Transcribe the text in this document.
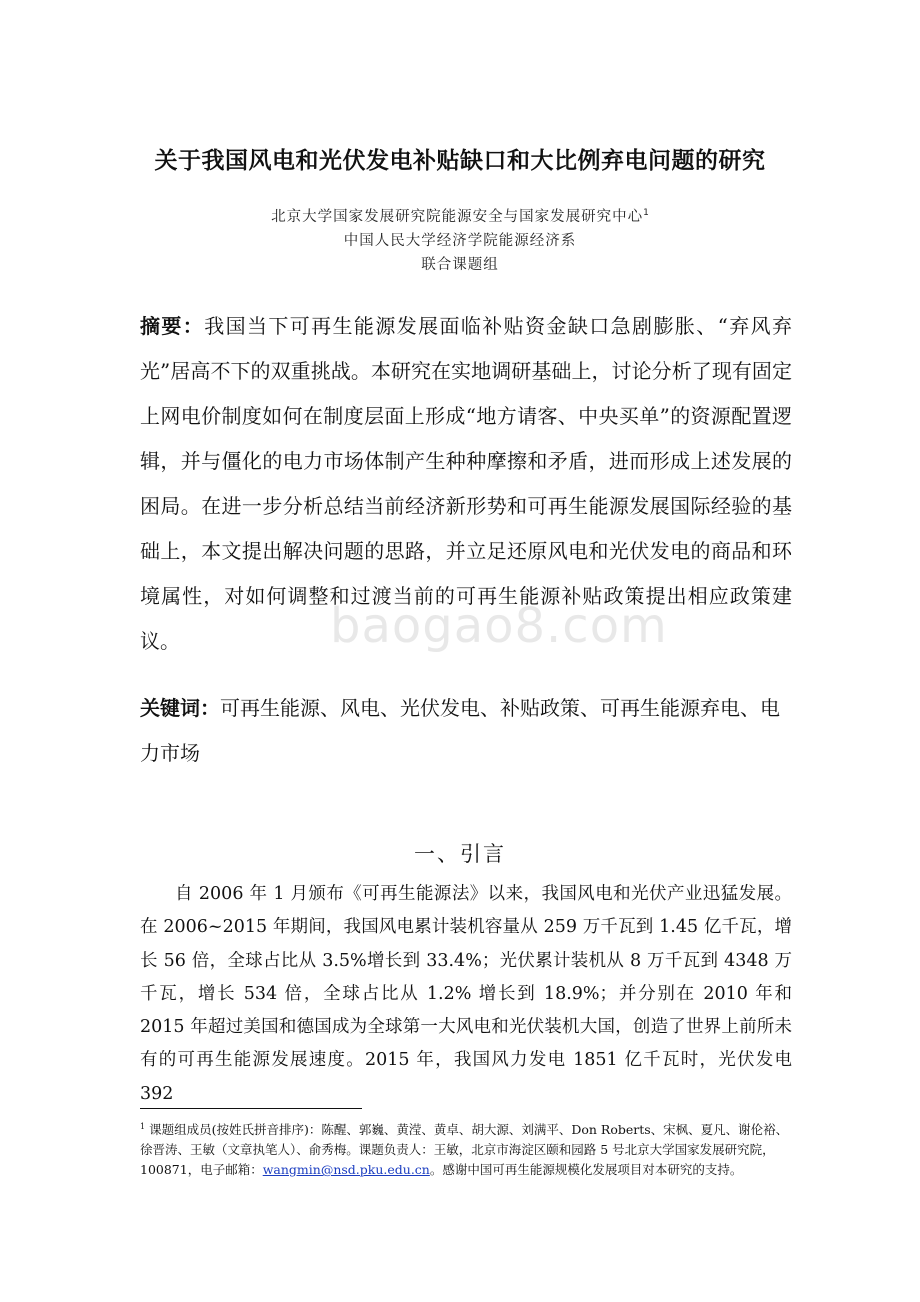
关于我国风电和光伏发电补贴缺口和大比例弃电问题的研究
北京大学国家发展研究院能源安全与国家发展研究中心$^1$
中国人民大学经济学院能源经济系
联合课题组

摘要：我国当下可再生能源发展面临补贴资金缺口急剧膨胀、“弃风弃光”居高不下的双重挑战。本研究在实地调研基础上，讨论分析了现有固定上网电价制度如何在制度层面上形成“地方请客、中央买单”的资源配置逻辑，并与僵化的电力市场体制产生种种摩擦和矛盾，进而形成上述发展的困局。在进一步分析总结当前经济新形势和可再生能源发展国际经验的基础上，本文提出解决问题的思路，并立足还原风电和光伏发电的商品和环境属性，对如何调整和过渡当前的可再生能源补贴政策提出相应政策建议。

关键词：可再生能源、风电、光伏发电、补贴政策、可再生能源弃电、电力市场

baogao8.com
一、引言

自 2006 年 1 月颁布《可再生能源法》以来，我国风电和光伏产业迅猛发展。在 2006~2015 年期间，我国风电累计装机容量从 259 万千瓦到 1.45 亿千瓦，增长 56 倍，全球占比从 3.5%增长到 33.4%；光伏累计装机从 8 万千瓦到 4348 万千瓦，增长 534 倍，全球占比从 1.2% 增长到 18.9%；并分别在 2010 年和 2015 年超过美国和德国成为全球第一大风电和光伏装机大国，创造了世界上前所未有的可再生能源发展速度。2015 年，我国风力发电 1851 亿千瓦时，光伏发电 392

$^1$ 课题组成员(按姓氏拼音排序)：陈醒、郭巍、黄滢、黄卓、胡大源、刘满平、Don Roberts、宋枫、夏凡、谢伦裕、徐晋涛、王敏（文章执笔人）、俞秀梅。课题负责人：王敏，北京市海淀区颐和园路 5 号北京大学国家发展研究院，100871，电子邮箱：wangmin@nsd.pku.edu.cn。感谢中国可再生能源规模化发展项目对本研究的支持。
